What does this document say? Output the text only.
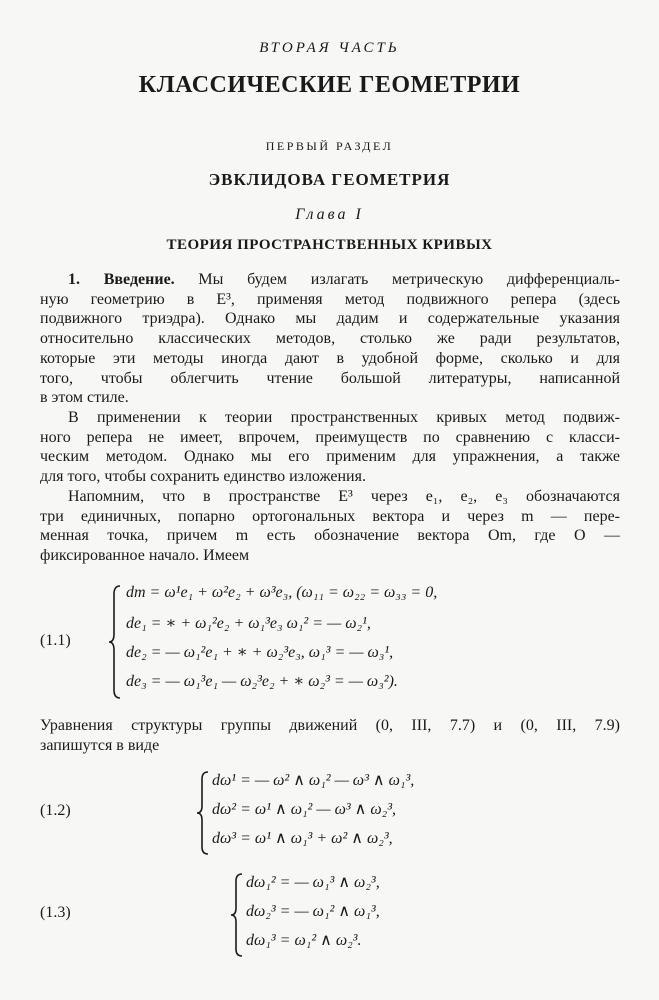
ВТОРАЯ ЧАСТЬ
КЛАССИЧЕСКИЕ ГЕОМЕТРИИ
ПЕРВЫЙ РАЗДЕЛ
ЭВКЛИДОВА ГЕОМЕТРИЯ
Глава I
ТЕОРИЯ ПРОСТРАНСТВЕННЫХ КРИВЫХ
1. Введение. Мы будем излагать метрическую дифференциаль-
ную геометрию в E³, применяя метод подвижного репера (здесь
подвижного триэдра). Однако мы дадим и содержательные указания
относительно классических методов, столько же ради результатов,
которые эти методы иногда дают в удобной форме, сколько и для
того, чтобы облегчить чтение большой литературы, написанной
в этом стиле.
В применении к теории пространственных кривых метод подвиж-
ного репера не имеет, впрочем, преимуществ по сравнению с класси-
ческим методом. Однако мы его применим для упражнения, а также
для того, чтобы сохранить единство изложения.
Напомним, что в пространстве E³ через e₁, e₂, e₃ обозначаются
три единичных, попарно ортогональных вектора и через m — пере-
менная точка, причем m есть обозначение вектора Om, где O —
фиксированное начало. Имеем
(1.1)
dm = ω¹e₁ + ω²e₂ + ω³e₃, (ω₁₁ = ω₂₂ = ω₃₃ = 0,
de₁ = ∗ + ω₁²e₂ + ω₁³e₃ ω₁² = — ω₂¹,
de₂ = — ω₁²e₁ + ∗ + ω₂³e₃, ω₁³ = — ω₃¹,
de₃ = — ω₁³e₁ — ω₂³e₂ + ∗ ω₂³ = — ω₃²).
Уравнения структуры группы движений (0, III, 7.7) и (0, III, 7.9)
запишутся в виде
(1.2)
dω¹ = — ω² ∧ ω₁² — ω³ ∧ ω₁³,
dω² = ω¹ ∧ ω₁² — ω³ ∧ ω₂³,
dω³ = ω¹ ∧ ω₁³ + ω² ∧ ω₂³,
(1.3)
dω₁² = — ω₁³ ∧ ω₂³,
dω₂³ = — ω₁² ∧ ω₁³,
dω₁³ = ω₁² ∧ ω₂³.
